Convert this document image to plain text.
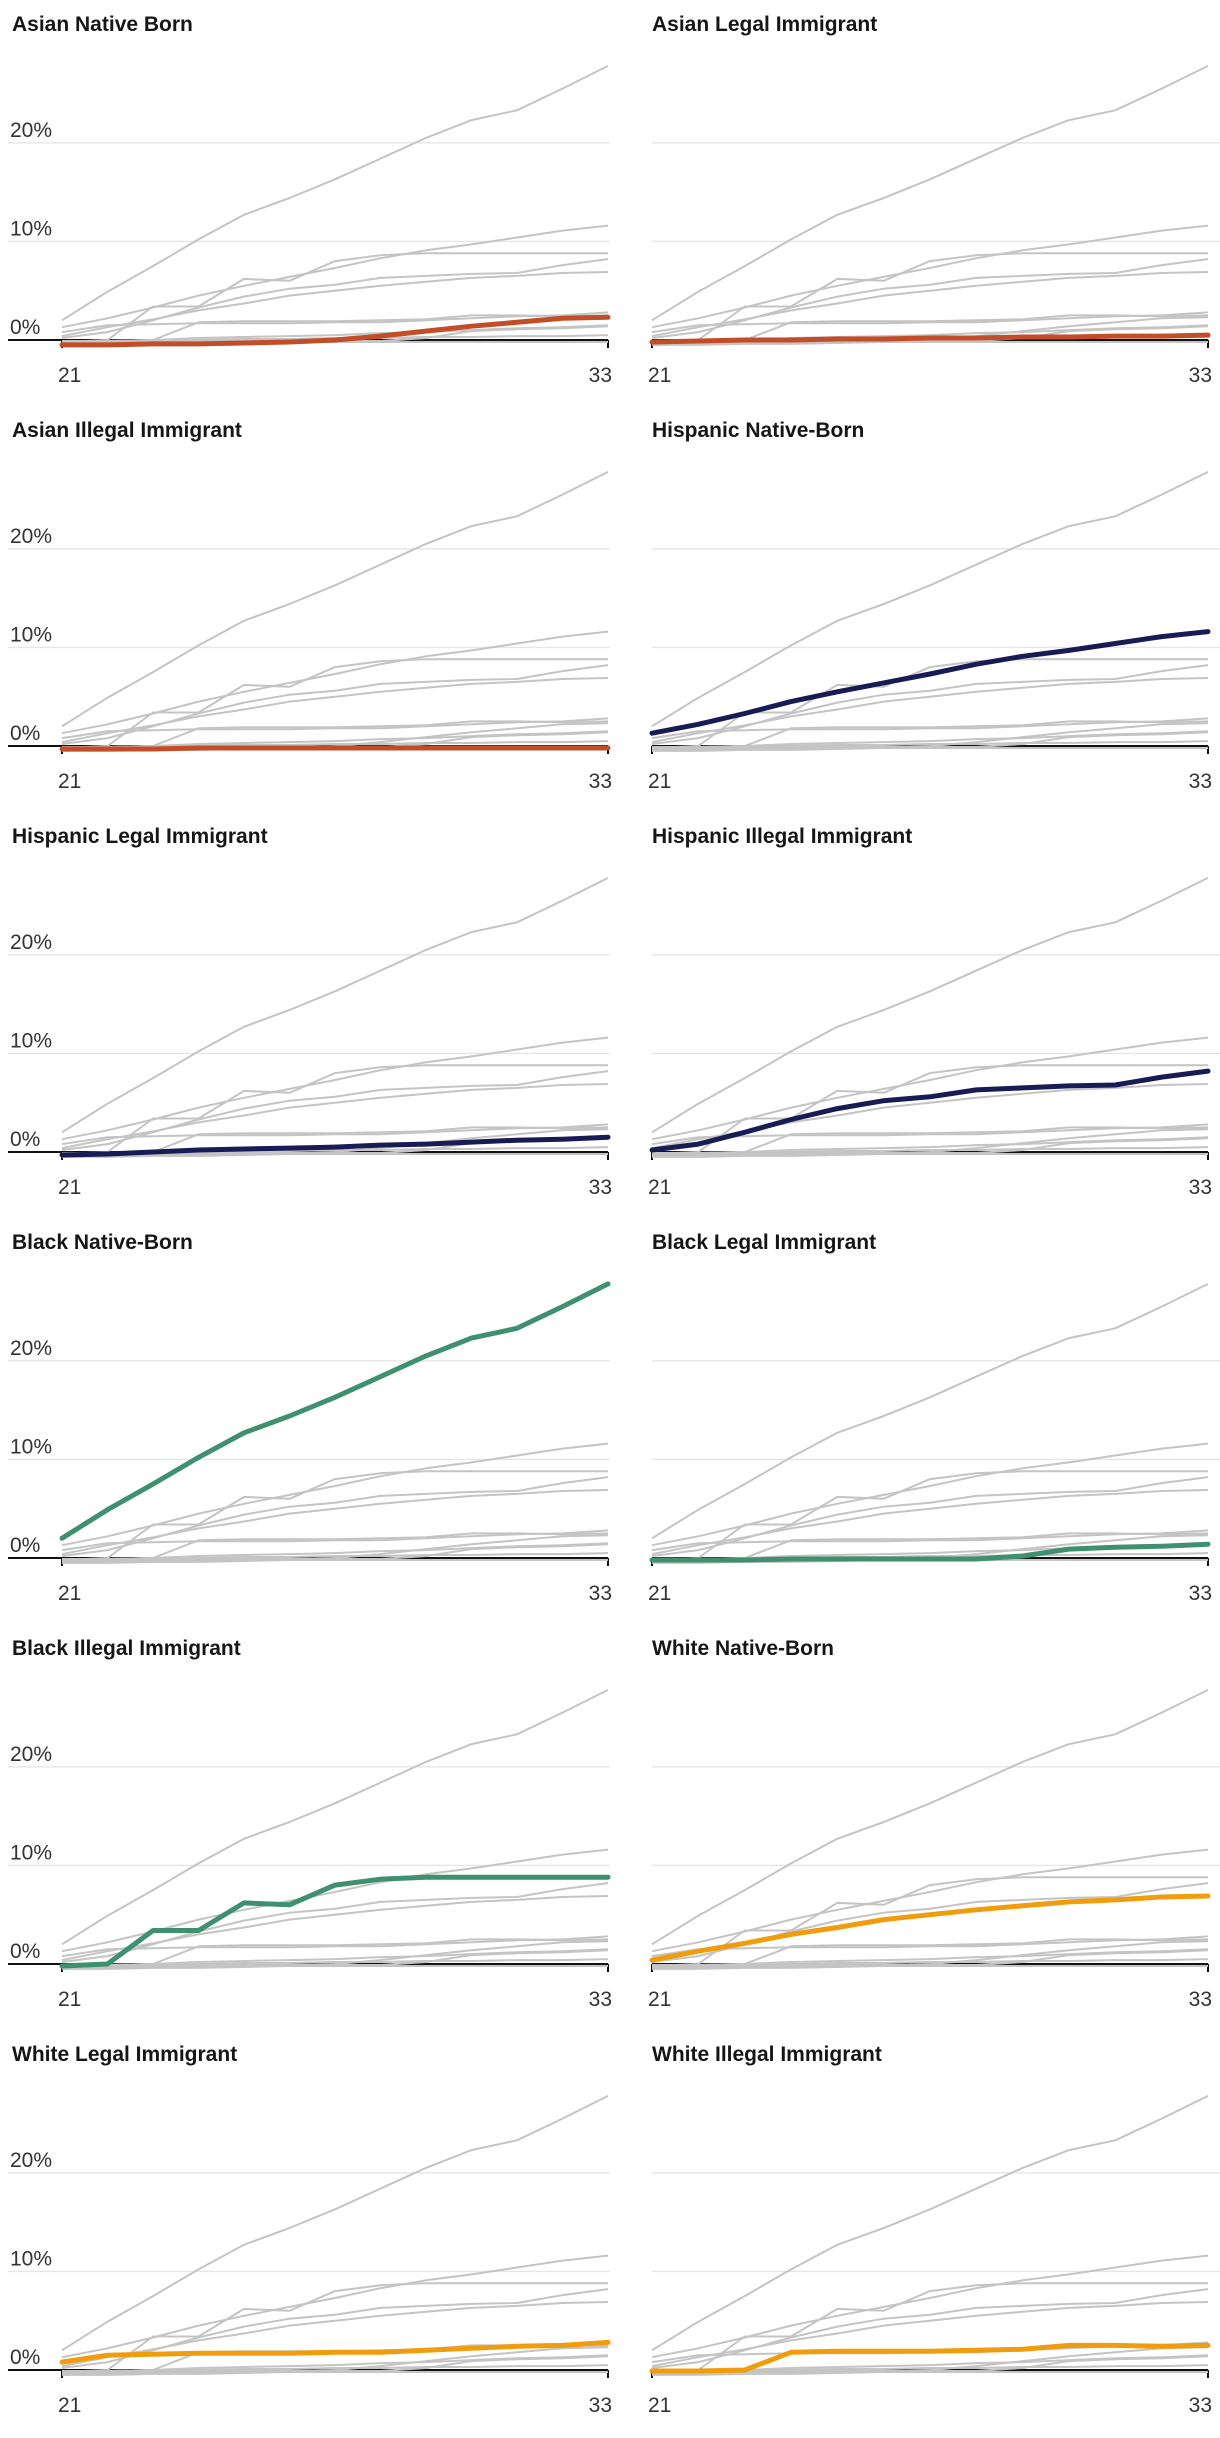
Asian Native Born
20%
10%
0%
21	33
Asian Legal Immigrant
21	33
Asian Illegal Immigrant
20%
10%
0%
21	33
Hispanic Native-Born
21	33
Hispanic Legal Immigrant
20%
10%
0%
21	33
Hispanic Illegal Immigrant
21	33
Black Native-Born
20%
10%
0%
21	33
Black Legal Immigrant
21	33
Black Illegal Immigrant
20%
10%
0%
21	33
White Native-Born
21	33
White Legal Immigrant
20%
10%
0%
21	33
White Illegal Immigrant
21	33
